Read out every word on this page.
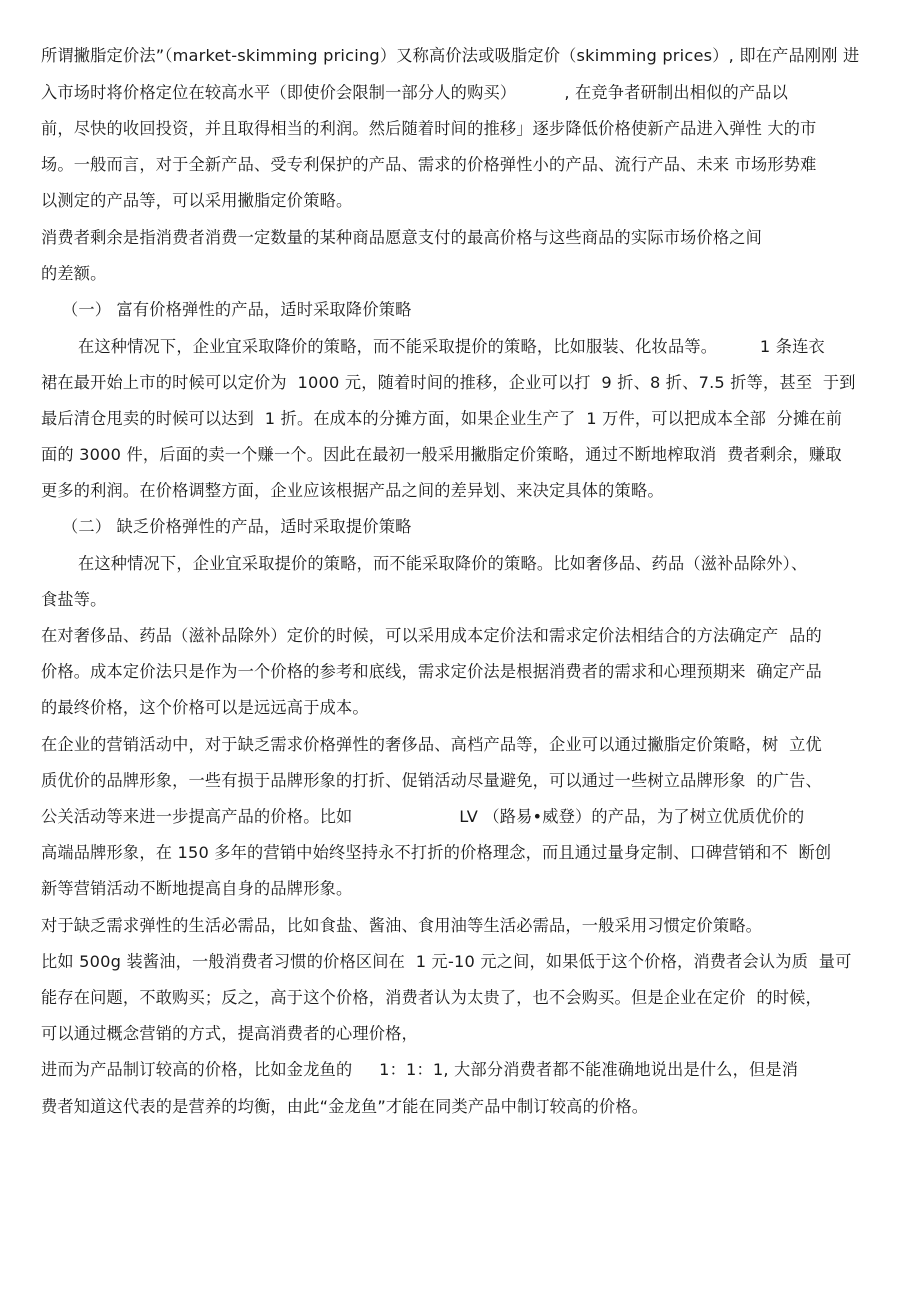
所谓撇脂定价法”（market-skimming pricing）又称高价法或吸脂定价（skimming prices）, 即在产品刚刚 进
入市场时将价格定位在较高水平（即使价会限制一部分人的购买）         , 在竞争者研制出相似的产品以
前，尽快的收回投资，并且取得相当的利润。然后随着时间的推移」逐步降低价格使新产品进入弹性 大的市
场。一般而言，对于全新产品、受专利保护的产品、需求的价格弹性小的产品、流行产品、未来 市场形势难
以测定的产品等，可以采用撇脂定价策略。
消费者剩余是指消费者消费一定数量的某种商品愿意支付的最高价格与这些商品的实际市场价格之间
的差额。
（一） 富有价格弹性的产品，适时采取降价策略
在这种情况下，企业宜采取降价的策略，而不能采取提价的策略，比如服装、化妆品等。        1 条连衣
裙在最开始上市的时候可以定价为  1000 元，随着时间的推移，企业可以打  9 折、8 折、7.5 折等，甚至  于到
最后清仓甩卖的时候可以达到  1 折。在成本的分摊方面，如果企业生产了  1 万件，可以把成本全部  分摊在前
面的 3000 件，后面的卖一个赚一个。因此在最初一般采用撇脂定价策略，通过不断地榨取消  费者剩余，赚取
更多的利润。在价格调整方面，企业应该根据产品之间的差异划、来决定具体的策略。
（二） 缺乏价格弹性的产品，适时采取提价策略
在这种情况下，企业宜采取提价的策略，而不能采取降价的策略。比如奢侈品、药品（滋补品除外）、
食盐等。
在对奢侈品、药品（滋补品除外）定价的时候，可以采用成本定价法和需求定价法相结合的方法确定产  品的
价格。成本定价法只是作为一个价格的参考和底线，需求定价法是根据消费者的需求和心理预期来  确定产品
的最终价格，这个价格可以是远远高于成本。
在企业的营销活动中，对于缺乏需求价格弹性的奢侈品、高档产品等，企业可以通过撇脂定价策略，树  立优
质优价的品牌形象，一些有损于品牌形象的打折、促销活动尽量避免，可以通过一些树立品牌形象  的广告、
公关活动等来进一步提高产品的价格。比如                    LV （路易•威登）的产品，为了树立优质优价的
高端品牌形象，在 150 多年的营销中始终坚持永不打折的价格理念，而且通过量身定制、口碑营销和不  断创
新等营销活动不断地提高自身的品牌形象。
对于缺乏需求弹性的生活必需品，比如食盐、酱油、食用油等生活必需品，一般采用习惯定价策略。
比如 500g 装酱油，一般消费者习惯的价格区间在  1 元-10 元之间，如果低于这个价格，消费者会认为质  量可
能存在问题，不敢购买；反之，高于这个价格，消费者认为太贵了，也不会购买。但是企业在定价  的时候，
可以通过概念营销的方式，提高消费者的心理价格，
进而为产品制订较高的价格，比如金龙鱼的     1：1：1, 大部分消费者都不能准确地说出是什么，但是消
费者知道这代表的是营养的均衡，由此“金龙鱼”才能在同类产品中制订较高的价格。
